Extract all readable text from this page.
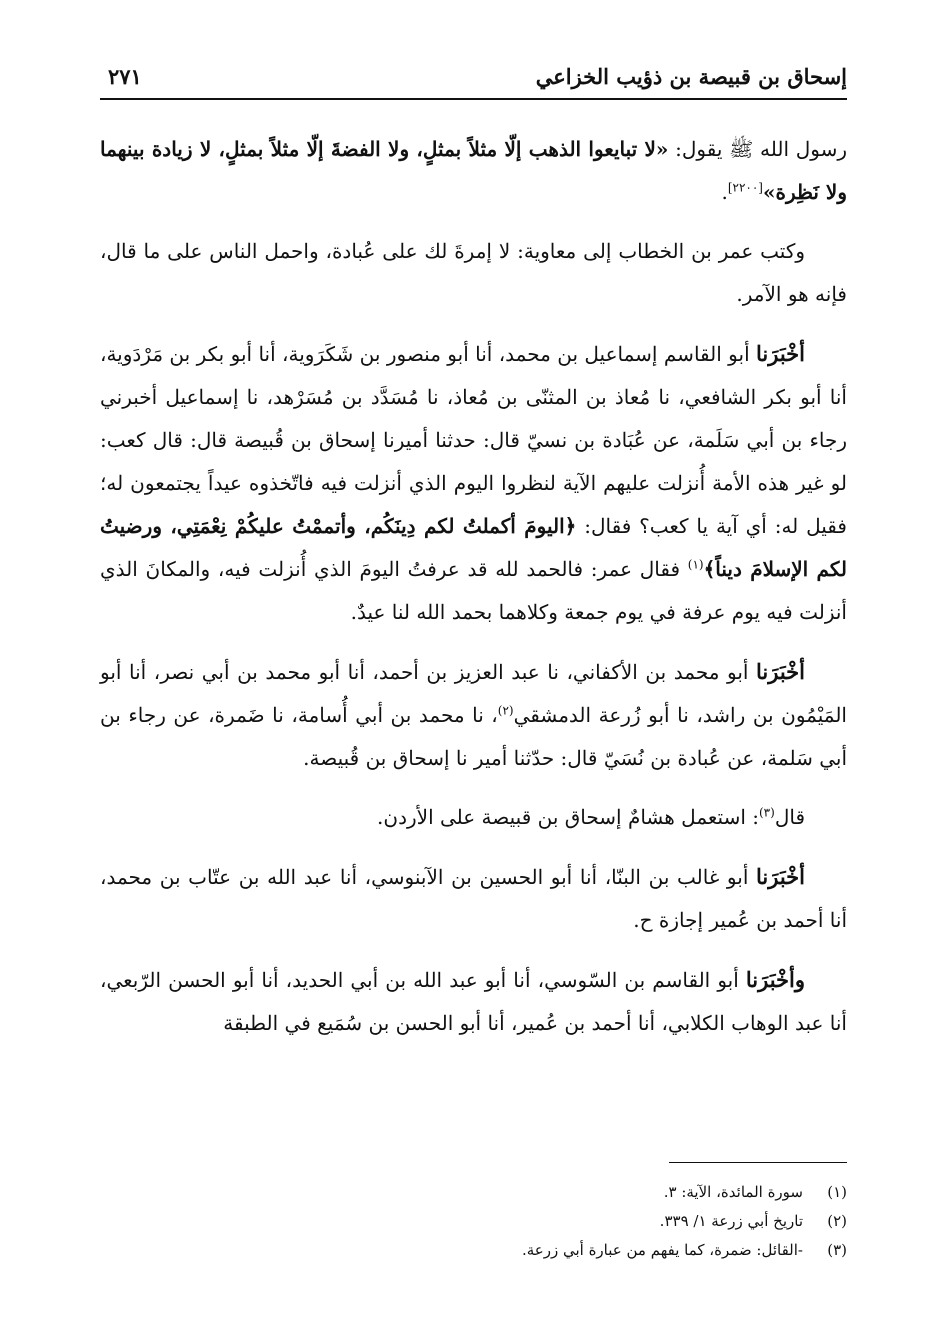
إسحاق بن قبيصة بن ذؤيب الخزاعي
٢٧١

رسول الله ﷺ يقول: «لا تبايعوا الذهب إلّا مثلاً بمثلٍ، ولا الفضةَ إلّا مثلاً بمثلٍ، لا زيادة بينهما ولا نَظِرة»[٢٢٠٠].

وكتب عمر بن الخطاب إلى معاوية: لا إمرةَ لك على عُبادة، واحمل الناس على ما قال، فإنه هو الآمر.

أخْبَرَنا أبو القاسم إسماعيل بن محمد، أنا أبو منصور بن شَكَرَوية، أنا أبو بكر بن مَرْدَوية، أنا أبو بكر الشافعي، نا مُعاذ بن المثنّى بن مُعاذ، نا مُسَدَّد بن مُسَرْهد، نا إسماعيل أخبرني رجاء بن أبي سَلَمة، عن عُبَادة بن نسيّ قال: حدثنا أميرنا إسحاق بن قُبيصة قال: قال كعب: لو غير هذه الأمة أُنزلت عليهم الآية لنظروا اليوم الذي أنزلت فيه فاتّخذوه عيداً يجتمعون له؛ فقيل له: أي آية يا كعب؟ فقال: ﴿اليومَ أكملتُ لكم دِينَكُم، وأتممْتُ عليكُمْ نِعْمَتِي، ورضيتُ لكم الإسلامَ ديناً﴾$^{(١)}$ فقال عمر: فالحمد لله قد عرفتُ اليومَ الذي أُنزلت فيه، والمكانَ الذي أنزلت فيه يوم عرفة في يوم جمعة وكلاهما بحمد الله لنا عيدٌ.

أخْبَرَنا أبو محمد بن الأكفاني، نا عبد العزيز بن أحمد، أنا أبو محمد بن أبي نصر، أنا أبو المَيْمُون بن راشد، نا أبو زُرعة الدمشقي$^{(٢)}$، نا محمد بن أبي أُسامة، نا ضَمرة، عن رجاء بن أبي سَلمة، عن عُبادة بن نُسَيّ قال: حدّثنا أمير نا إسحاق بن قُبيصة.

قال$^{(٣)}$: استعمل هشامٌ إسحاق بن قبيصة على الأردن.

أخْبَرَنا أبو غالب بن البنّا، أنا أبو الحسين بن الآبنوسي، أنا عبد الله بن عتّاب بن محمد، أنا أحمد بن عُمير إجازة ح.

وأخْبَرَنا أبو القاسم بن السّوسي، أنا أبو عبد الله بن أبي الحديد، أنا أبو الحسن الرّبعي، أنا عبد الوهاب الكلابي، أنا أحمد بن عُمير، أنا أبو الحسن بن سُمَيع في الطبقة

(١)سورة المائدة، الآية: ٣.
(٢)تاريخ أبي زرعة ١/ ٣٣٩.
(٣)-القائل: ضمرة، كما يفهم من عبارة أبي زرعة.
